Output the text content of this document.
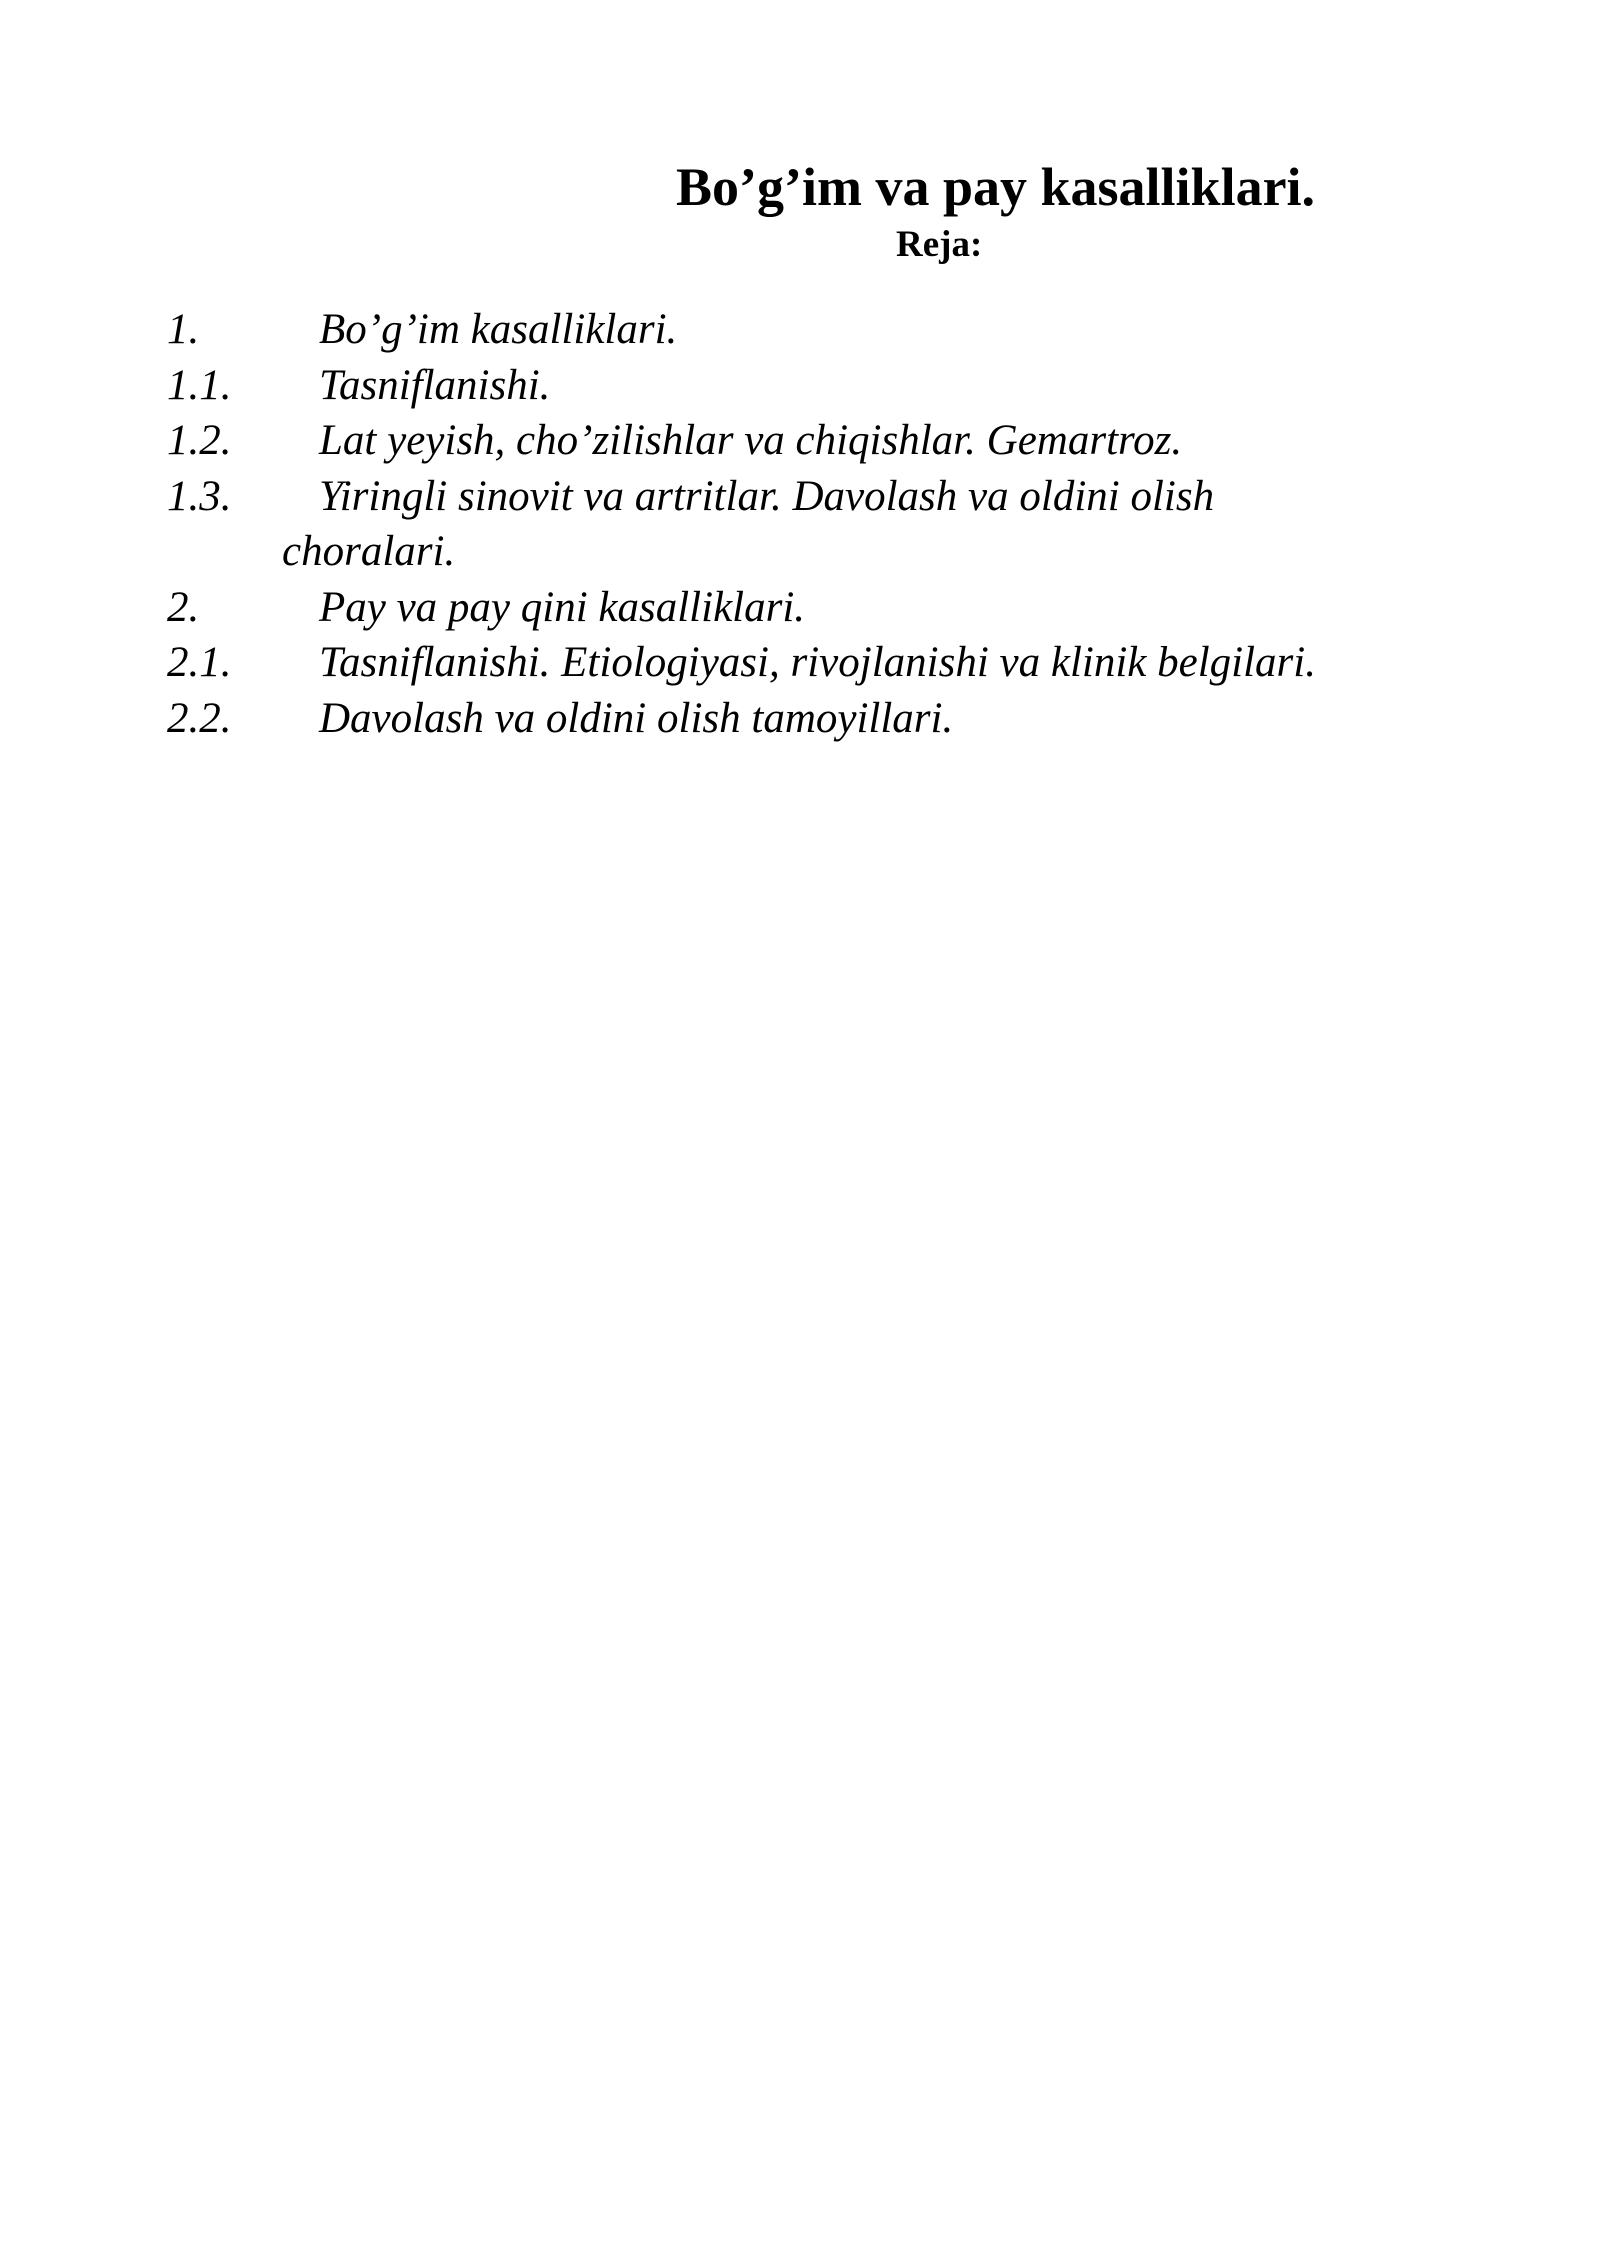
Bo’g’im va pay kasalliklari.
Reja:
1.	Bo’g’im kasalliklari.
1.1. Tasniflanishi.
1.2. Lat yeyish, cho’zilishlar va chiqishlar. Gemartroz.
1.3. Yiringli sinovit va artritlar. Davolash va oldini olish
choralari.
2.	Pay va pay qini kasalliklari.
2.1. Tasniflanishi. Etiologiyasi, rivojlanishi va klinik belgilari.
2.2. Davolash va oldini olish tamoyillari.
